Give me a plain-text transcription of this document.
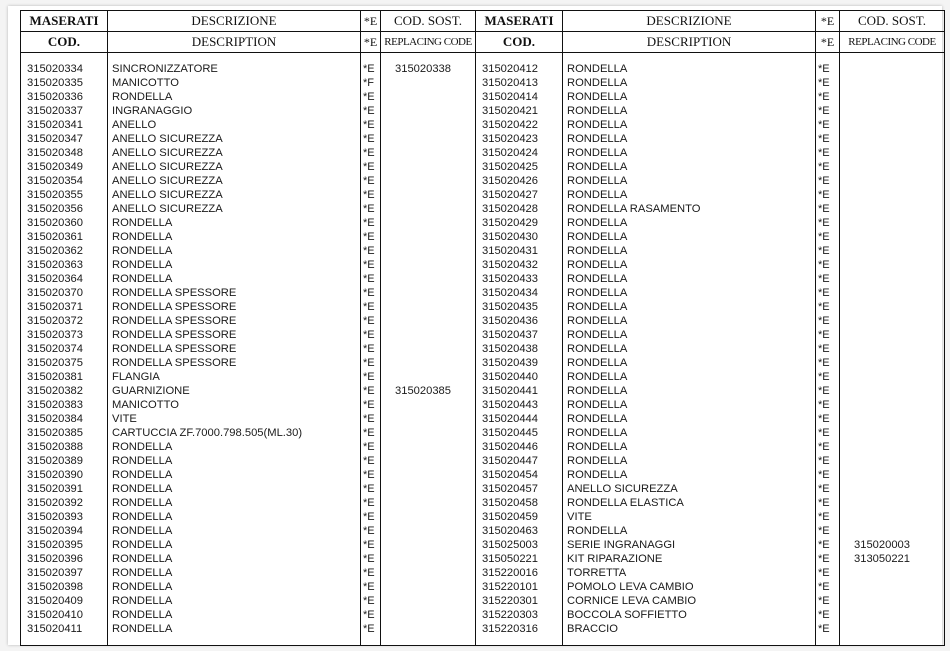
MASERATI	DESCRIZIONE	*E	COD. SOST.	MASERATI	DESCRIZIONE	*E	COD. SOST.
COD.	DESCRIPTION	*E	REPLACING CODE	COD.	DESCRIPTION	*E	REPLACING CODE

315020334	SINCRONIZZATORE	*E	315020338	315020412	RONDELLA	*E	
315020335	MANICOTTO	*F		315020413	RONDELLA	*E	
315020336	RONDELLA	*E		315020414	RONDELLA	*E	
315020337	INGRANAGGIO	*E		315020421	RONDELLA	*E	
315020341	ANELLO	*E		315020422	RONDELLA	*E	
315020347	ANELLO SICUREZZA	*E		315020423	RONDELLA	*E	
315020348	ANELLO SICUREZZA	*E		315020424	RONDELLA	*E	
315020349	ANELLO SICUREZZA	*E		315020425	RONDELLA	*E	
315020354	ANELLO SICUREZZA	*E		315020426	RONDELLA	*E	
315020355	ANELLO SICUREZZA	*E		315020427	RONDELLA	*E	
315020356	ANELLO SICUREZZA	*E		315020428	RONDELLA RASAMENTO	*E	
315020360	RONDELLA	*E		315020429	RONDELLA	*E	
315020361	RONDELLA	*E		315020430	RONDELLA	*E	
315020362	RONDELLA	*E		315020431	RONDELLA	*E	
315020363	RONDELLA	*E		315020432	RONDELLA	*E	
315020364	RONDELLA	*E		315020433	RONDELLA	*E	
315020370	RONDELLA SPESSORE	*E		315020434	RONDELLA	*E	
315020371	RONDELLA SPESSORE	*E		315020435	RONDELLA	*E	
315020372	RONDELLA SPESSORE	*E		315020436	RONDELLA	*E	
315020373	RONDELLA SPESSORE	*E		315020437	RONDELLA	*E	
315020374	RONDELLA SPESSORE	*E		315020438	RONDELLA	*E	
315020375	RONDELLA SPESSORE	*E		315020439	RONDELLA	*E	
315020381	FLANGIA	*E		315020440	RONDELLA	*E	
315020382	GUARNIZIONE	*E	315020385	315020441	RONDELLA	*E	
315020383	MANICOTTO	*E		315020443	RONDELLA	*E	
315020384	VITE	*E		315020444	RONDELLA	*E	
315020385	CARTUCCIA ZF.7000.798.505(ML.30)	*E		315020445	RONDELLA	*E	
315020388	RONDELLA	*E		315020446	RONDELLA	*E	
315020389	RONDELLA	*E		315020447	RONDELLA	*E	
315020390	RONDELLA	*E		315020454	RONDELLA	*E	
315020391	RONDELLA	*E		315020457	ANELLO SICUREZZA	*E	
315020392	RONDELLA	*E		315020458	RONDELLA ELASTICA	*E	
315020393	RONDELLA	*E		315020459	VITE	*E	
315020394	RONDELLA	*E		315020463	RONDELLA	*E	
315020395	RONDELLA	*E		315025003	SERIE INGRANAGGI	*E	315020003
315020396	RONDELLA	*E		315050221	KIT RIPARAZIONE	*E	313050221
315020397	RONDELLA	*E		315220016	TORRETTA	*E	
315020398	RONDELLA	*E		315220101	POMOLO LEVA CAMBIO	*E	
315020409	RONDELLA	*E		315220301	CORNICE LEVA CAMBIO	*E	
315020410	RONDELLA	*E		315220303	BOCCOLA SOFFIETTO	*E	
315020411	RONDELLA	*E		315220316	BRACCIO	*E	
